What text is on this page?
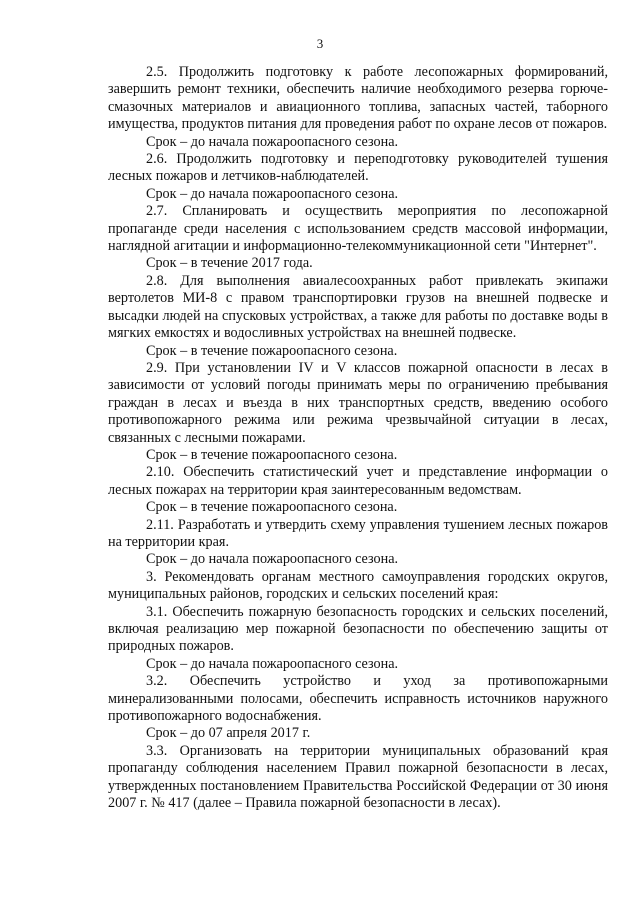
3

2.5. Продолжить подготовку к работе лесопожарных формирований, завершить ремонт техники, обеспечить наличие необходимого резерва горюче-смазочных материалов и авиационного топлива, запасных частей, таборного имущества, продуктов питания для проведения работ по охране лесов от пожаров.

Срок – до начала пожароопасного сезона.

2.6. Продолжить подготовку и переподготовку руководителей тушения лесных пожаров и летчиков-наблюдателей.

Срок – до начала пожароопасного сезона.

2.7. Спланировать и осуществить мероприятия по лесопожарной пропаганде среди населения с использованием средств массовой информации, наглядной агитации и информационно-телекоммуникационной сети "Интернет".

Срок – в течение 2017 года.

2.8. Для выполнения авиалесоохранных работ привлекать экипажи вертолетов МИ-8 с правом транспортировки грузов на внешней подвеске и высадки людей на спусковых устройствах, а также для работы по доставке воды в мягких емкостях и водосливных устройствах на внешней подвеске.

Срок – в течение пожароопасного сезона.

2.9. При установлении IV и V классов пожарной опасности в лесах в зависимости от условий погоды принимать меры по ограничению пребывания граждан в лесах и въезда в них транспортных средств, введению особого противопожарного режима или режима чрезвычайной ситуации в лесах, связанных с лесными пожарами.

Срок – в течение пожароопасного сезона.

2.10. Обеспечить статистический учет и представление информации о лесных пожарах на территории края заинтересованным ведомствам.

Срок – в течение пожароопасного сезона.

2.11. Разработать и утвердить схему управления тушением лесных пожаров на территории края.

Срок – до начала пожароопасного сезона.

3. Рекомендовать органам местного самоуправления городских округов, муниципальных районов, городских и сельских поселений края:

3.1. Обеспечить пожарную безопасность городских и сельских поселений, включая реализацию мер пожарной безопасности по обеспечению защиты от природных пожаров.

Срок – до начала пожароопасного сезона.

3.2. Обеспечить устройство и уход за противопожарными минерализованными полосами, обеспечить исправность источников наружного противопожарного водоснабжения.

Срок – до 07 апреля 2017 г.

3.3. Организовать на территории муниципальных образований края пропаганду соблюдения населением Правил пожарной безопасности в лесах, утвержденных постановлением Правительства Российской Федерации от 30 июня 2007 г. № 417 (далее – Правила пожарной безопасности в лесах).
